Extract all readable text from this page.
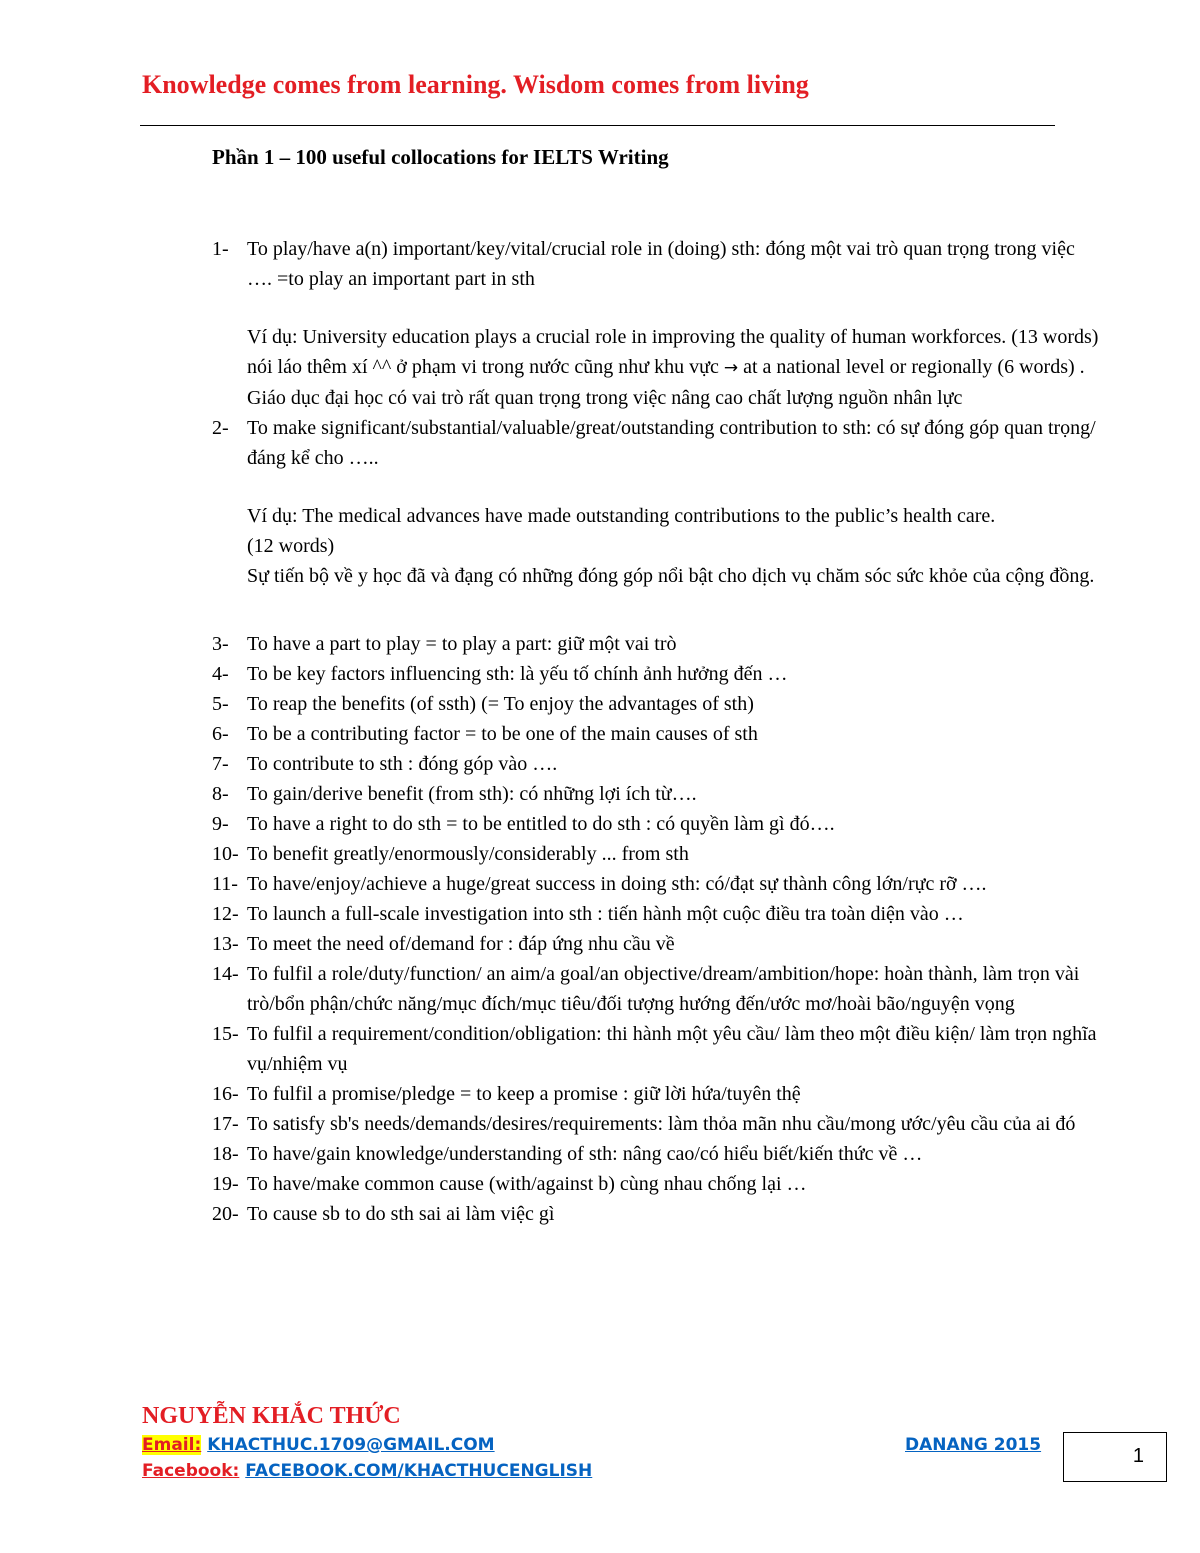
Knowledge comes from learning. Wisdom comes from living
Phần 1 – 100 useful collocations for IELTS Writing
1- To play/have a(n) important/key/vital/crucial role in (doing) sth: đóng một vai trò quan trọng trong việc …. =to play an important part in sth
Ví dụ: University education plays a crucial role in improving the quality of human workforces. (13 words) nói láo thêm xí ^^ ở phạm vi trong nước cũng như khu vực → at a national level or regionally (6 words) .
Giáo dục đại học có vai trò rất quan trọng trong việc nâng cao chất lượng nguồn nhân lực
2- To make significant/substantial/valuable/great/outstanding contribution to sth: có sự đóng góp quan trọng/đáng kể cho …..
Ví dụ: The medical advances have made outstanding contributions to the public’s health care.
(12 words)
Sự tiến bộ về y học đã và đạng có những đóng góp nổi bật cho dịch vụ chăm sóc sức khỏe của cộng đồng.
3- To have a part to play = to play a part: giữ một vai trò
4- To be key factors influencing sth: là yếu tố chính ảnh hưởng đến …
5- To reap the benefits (of ssth) (= To enjoy the advantages of sth)
6- To be a contributing factor = to be one of the main causes of sth
7- To contribute to sth : đóng góp vào ….
8- To gain/derive benefit (from sth): có những lợi ích từ….
9- To have a right to do sth = to be entitled to do sth : có quyền làm gì đó….
10- To benefit greatly/enormously/considerably ... from sth
11- To have/enjoy/achieve a huge/great success in doing sth: có/đạt sự thành công lớn/rực rỡ ….
12- To launch a full-scale investigation into sth : tiến hành một cuộc điều tra toàn diện vào …
13- To meet the need of/demand for : đáp ứng nhu cầu về
14- To fulfil a role/duty/function/ an aim/a goal/an objective/dream/ambition/hope: hoàn thành, làm trọn vài trò/bổn phận/chức năng/mục đích/mục tiêu/đối tượng hướng đến/ước mơ/hoài bão/nguyện vọng
15- To fulfil a requirement/condition/obligation: thi hành một yêu cầu/ làm theo một điều kiện/ làm trọn nghĩa vụ/nhiệm vụ
16- To fulfil a promise/pledge = to keep a promise : giữ lời hứa/tuyên thệ
17- To satisfy sb's needs/demands/desires/requirements: làm thỏa mãn nhu cầu/mong ước/yêu cầu của ai đó
18- To have/gain knowledge/understanding of sth: nâng cao/có hiểu biết/kiến thức về …
19- To have/make common cause (with/against b) cùng nhau chống lại …
20- To cause sb to do sth sai ai làm việc gì
NGUYỄN KHẮC THỨC
Email: KHACTHUC.1709@GMAIL.COM	DANANG 2015
Facebook: FACEBOOK.COM/KHACTHUCENGLISH
1
